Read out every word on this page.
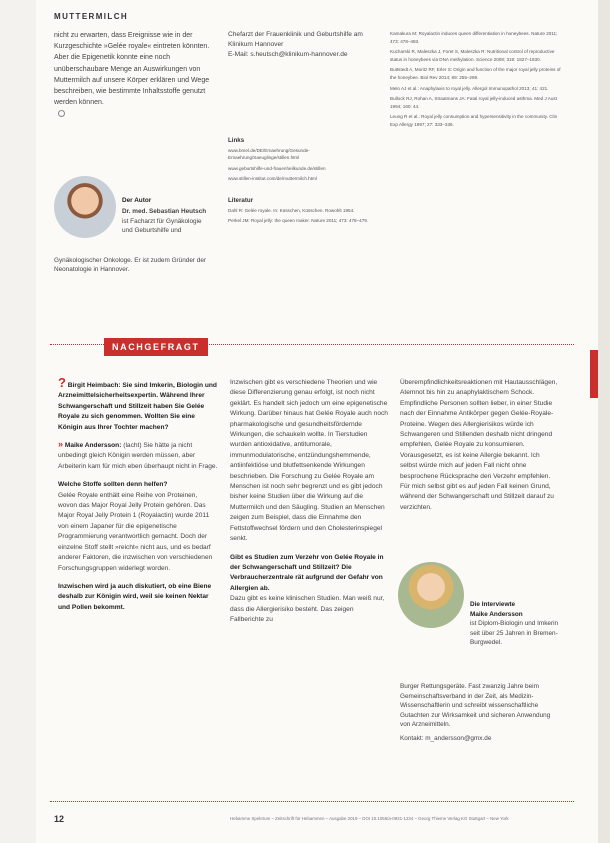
MUTTERMILCH

nicht zu erwarten, dass Ereignisse wie in der Kurzgeschichte »Gelée royale« eintreten könnten. Aber die Epigenetik konnte eine noch unüberschaubare Menge an Auswirkungen von Muttermilch auf unsere Körper erklären und Wege beschreiben, wie bestimmte Inhaltsstoffe genutzt werden können.

Der Autor
Dr. med. Sebastian Heutsch
ist Facharzt für Gynäkologie und Geburtshilfe und
Gynäkologischer Onkologe. Er ist zudem Gründer der Neonatologie in Hannover.

Chefarzt der Frauenklinik und Geburtshilfe am Klinikum Hannover

E-Mail: s.heutsch@klinikum-hannover.de

Links
www.bmel.de/DE/Ernaehrung/Gesunde-Ernaehrung/Saeuglinge/stillen.html
www.geburtshilfe-und-frauenheilkunde.de/stillen
www.stillen-institut.com/de/muttermilch.html
Literatur
Dahl R: Gelée royale. In: Küsschen, Küsschen. Rowohlt 1954.
Perkel JM: Royal jelly: the queen maker. Nature 2011; 473: 478–479.
Kamakura M: Royalactin induces queen differentiation in honeybees. Nature 2011; 473: 478–483.
Kucharski R, Maleszka J, Foret S, Maleszka R: Nutritional control of reproductive status in honeybees via DNA methylation. Science 2008; 319: 1827–1830.
Buttstedt A, Moritz RF, Erler S: Origin and function of the major royal jelly proteins of the honeybee. Biol Rev 2014; 89: 255–269.
Melo AJ et al.: Anaphylaxis to royal jelly. Allergol Immunopathol 2013; 41: 421.
Bullock RJ, Rohan A, Straatmans JA: Fatal royal jelly-induced asthma. Med J Aust 1994; 160: 44.
Leung R et al.: Royal jelly consumption and hypersensitivity in the community. Clin Exp Allergy 1997; 27: 333–336.
NACHGEFRAGT

? Birgit Heimbach: Sie sind Imkerin, Biologin und Arzneimittelsicherheitsexpertin. Während Ihrer Schwangerschaft und Stillzeit haben Sie Gelée Royale zu sich genommen. Wollten Sie eine Königin aus Ihrer Tochter machen?

» Maike Andersson: (lacht) Sie hätte ja nicht unbedingt gleich Königin werden müssen, aber Arbeiterin kam für mich eben überhaupt nicht in Frage.

Welche Stoffe sollten denn helfen?

Gelée Royale enthält eine Reihe von Proteinen, wovon das Major Royal Jelly Protein gehören. Das Major Royal Jelly Protein 1 (Royalactin) wurde 2011 von einem Japaner für die epigenetische Programmierung verantwortlich gemacht. Doch der einzelne Stoff stellt »reicht« nicht aus, und es bedarf anderer Faktoren, die inzwischen von verschiedenen Forschungsgruppen widerlegt worden.

Inzwischen wird ja auch diskutiert, ob eine Biene deshalb zur Königin wird, weil sie keinen Nektar und Pollen bekommt.

Inzwischen gibt es verschiedene Theorien und wie diese Differenzierung genau erfolgt, ist noch nicht geklärt. Es handelt sich jedoch um eine epigenetische Wirkung. Darüber hinaus hat Gelée Royale auch noch pharmakologische und gesundheitsfördernde Wirkungen, die schaukeln wollte. In Tierstudien wurden antioxidative, antitumorale, immunmodulatorische, entzündungshemmende, antiinfektiöse und blutfettsenkende Wirkungen beschrieben. Die Forschung zu Gelée Royale am Menschen ist noch sehr begrenzt und es gibt jedoch bisher keine Studien über die Wirkung auf die Muttermilch und den Säugling. Studien an Menschen zeigen zum Beispiel, dass die Einnahme den Fettstoffwechsel fördern und den Cholesterinspiegel senkt.

Gibt es Studien zum Verzehr von Gelée Royale in der Schwangerschaft und Stillzeit? Die Verbraucherzentrale rät aufgrund der Gefahr von Allergien ab.

Dazu gibt es keine klinischen Studien. Man weiß nur, dass die Allergierisiko besteht. Das zeigen Fallberichte zu

Überempfindlichkeitsreaktionen mit Hautausschlägen, Atemnot bis hin zu anaphylaktischem Schock. Empfindliche Personen sollten lieber, in einer Studie nach der Einnahme Antikörper gegen Gelée-Royale-Proteine. Wegen des Allergierisikos würde ich Schwangeren und Stillenden deshalb nicht dringend empfehlen, Gelée Royale zu konsumieren. Vorausgesetzt, es ist keine Allergie bekannt. Ich selbst würde mich auf jeden Fall nicht ohne besprochene Rücksprache den Verzehr empfehlen. Für mich selbst gibt es auf jeden Fall keinen Grund, während der Schwangerschaft und Stillzeit darauf zu verzichten.

Die Interviewte
Maike Andersson
ist Diplom-Biologin und Imkerin seit über 25 Jahren in Bremen-Burgwedel.

Burger Rettungsgeräte. Fast zwanzig Jahre beim Gemeinschaftsverband in der Zeit, als Medizin-Wissenschaftlerin und schreibt wissenschaftliche Gutachten zur Wirksamkeit und sicheren Anwendung von Arzneimitteln.

Kontakt: m_andersson@gmx.de

12	Hebamme Spektrum – Zeitschrift für Hebammen – Ausgabe 2019 – DOI 10.1055/a-0831-1234 – Georg Thieme Verlag KG Stuttgart – New York
